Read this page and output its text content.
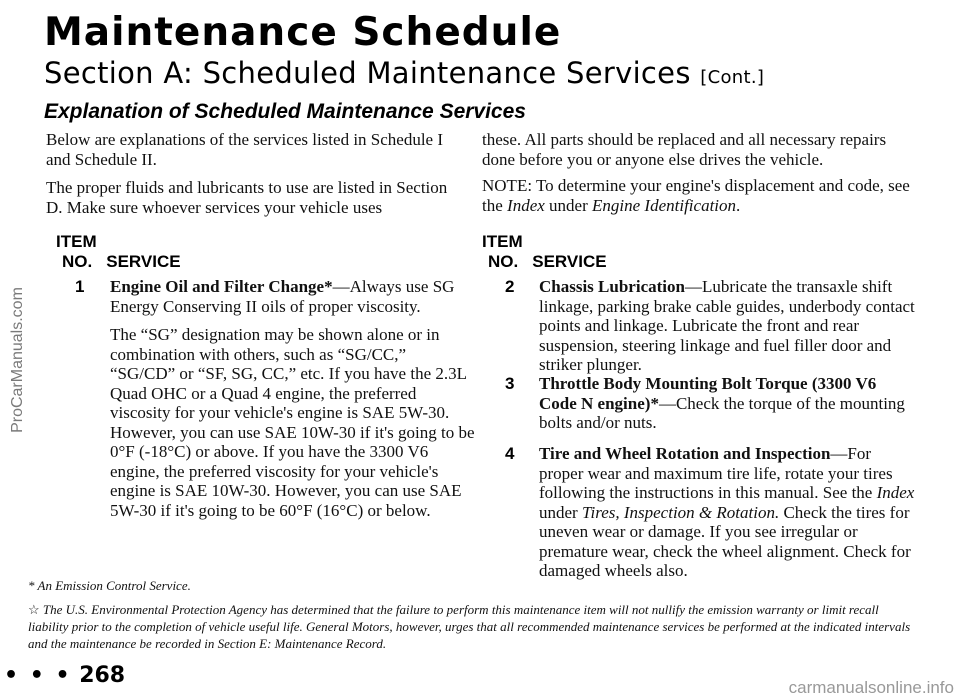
Maintenance Schedule
Section A: Scheduled Maintenance Services [Cont.]
Explanation of Scheduled Maintenance Services

Below are explanations of the services listed in Schedule I and Schedule II.

The proper fluids and lubricants to use are listed in Section D. Make sure whoever services your vehicle uses

these. All parts should be replaced and all necessary repairs done before you or anyone else drives the vehicle.

NOTE: To determine your engine's displacement and code, see the Index under Engine Identification.

ITEM
NO. SERVICE
ITEM
NO. SERVICE
1 Engine Oil and Filter Change*—Always use SG Energy Conserving II oils of proper viscosity.

The “SG” designation may be shown alone or in combination with others, such as “SG/CC,” “SG/CD” or “SF, SG, CC,” etc. If you have the 2.3L Quad OHC or a Quad 4 engine, the preferred viscosity for your vehicle's engine is SAE 5W-30. However, you can use SAE 10W-30 if it's going to be 0°F (-18°C) or above. If you have the 3300 V6 engine, the preferred viscosity for your vehicle's engine is SAE 10W-30. However, you can use SAE 5W-30 if it's going to be 60°F (16°C) or below.

2 Chassis Lubrication—Lubricate the transaxle shift linkage, parking brake cable guides, underbody contact points and linkage. Lubricate the front and rear suspension, steering linkage and fuel filler door and striker plunger.

3 Throttle Body Mounting Bolt Torque (3300 V6 Code N engine)*—Check the torque of the mounting bolts and/or nuts.

4 Tire and Wheel Rotation and Inspection—For proper wear and maximum tire life, rotate your tires following the instructions in this manual. See the Index under Tires, Inspection & Rotation. Check the tires for uneven wear or damage. If you see irregular or premature wear, check the wheel alignment. Check for damaged wheels also.

* An Emission Control Service.
☆ The U.S. Environmental Protection Agency has determined that the failure to perform this maintenance item will not nullify the emission warranty or limit recall liability prior to the completion of vehicle useful life. General Motors, however, urges that all recommended maintenance services be performed at the indicated intervals and the maintenance be recorded in Section E: Maintenance Record.
• • • 268
ProCarManuals.com
carmanualsonline.info
